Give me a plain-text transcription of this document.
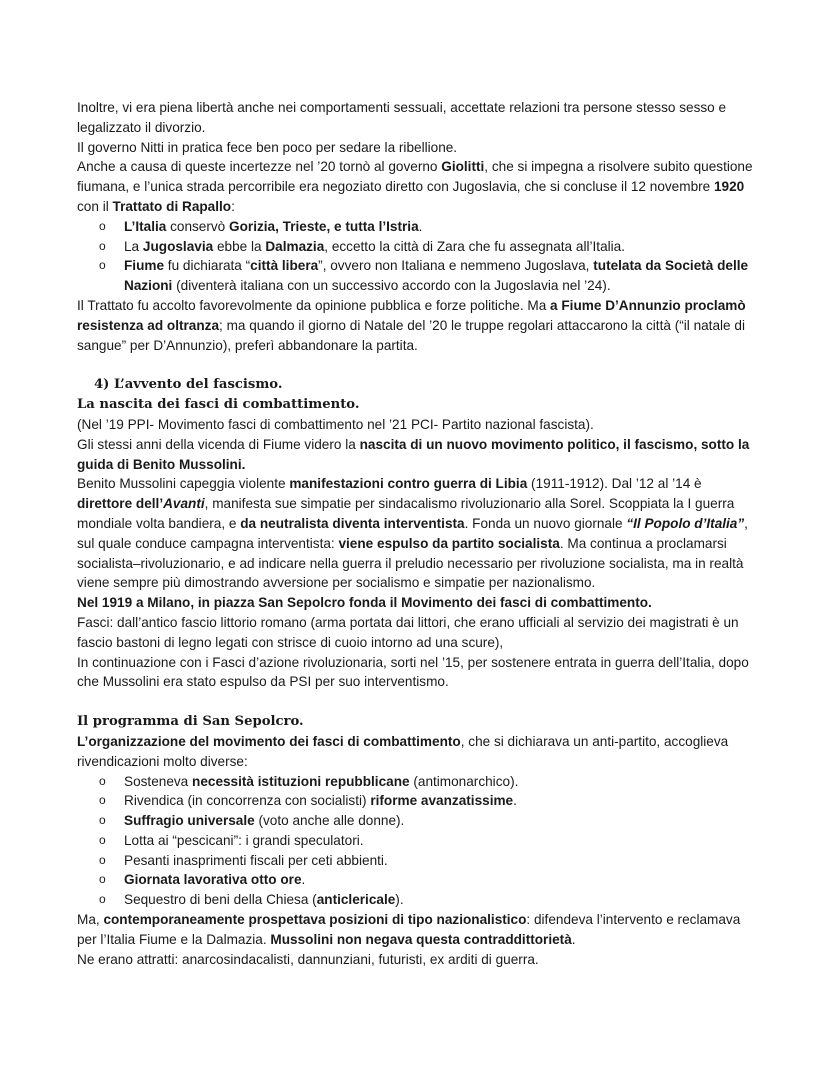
Inoltre, vi era piena libertà anche nei comportamenti sessuali, accettate relazioni tra persone stesso sesso e legalizzato il divorzio.

Il governo Nitti in pratica fece ben poco per sedare la ribellione.

Anche a causa di queste incertezze nel ’20 tornò al governo Giolitti, che si impegna a risolvere subito questione fiumana, e l’unica strada percorribile era negoziato diretto con Jugoslavia, che si concluse il 12 novembre 1920 con il Trattato di Rapallo:

o L’Italia conservò Gorizia, Trieste, e tutta l’Istria.
o La Jugoslavia ebbe la Dalmazia, eccetto la città di Zara che fu assegnata all’Italia.
o Fiume fu dichiarata “città libera”, ovvero non Italiana e nemmeno Jugoslava, tutelata da Società delle Nazioni (diventerà italiana con un successivo accordo con la Jugoslavia nel ’24).

Il Trattato fu accolto favorevolmente da opinione pubblica e forze politiche. Ma a Fiume D’Annunzio proclamò resistenza ad oltranza; ma quando il giorno di Natale del ’20 le truppe regolari attaccarono la città (“il natale di sangue” per D’Annunzio), preferì abbandonare la partita.

4) L’avvento del fascismo.
La nascita dei fasci di combattimento.

(Nel ’19 PPI- Movimento fasci di combattimento nel ’21 PCI- Partito nazional fascista).

Gli stessi anni della vicenda di Fiume videro la nascita di un nuovo movimento politico, il fascismo, sotto la guida di Benito Mussolini.

Benito Mussolini capeggia violente manifestazioni contro guerra di Libia (1911-1912). Dal ’12 al ’14 è direttore dell’Avanti, manifesta sue simpatie per sindacalismo rivoluzionario alla Sorel. Scoppiata la I guerra mondiale volta bandiera, e da neutralista diventa interventista. Fonda un nuovo giornale “Il Popolo d’Italia”, sul quale conduce campagna interventista: viene espulso da partito socialista. Ma continua a proclamarsi socialista–rivoluzionario, e ad indicare nella guerra il preludio necessario per rivoluzione socialista, ma in realtà viene sempre più dimostrando avversione per socialismo e simpatie per nazionalismo.

Nel 1919 a Milano, in piazza San Sepolcro fonda il Movimento dei fasci di combattimento.

Fasci: dall’antico fascio littorio romano (arma portata dai littori, che erano ufficiali al servizio dei magistrati è un fascio bastoni di legno legati con strisce di cuoio intorno ad una scure),

In continuazione con i Fasci d’azione rivoluzionaria, sorti nel ’15, per sostenere entrata in guerra dell’Italia, dopo che Mussolini era stato espulso da PSI per suo interventismo.

Il programma di San Sepolcro.

L’organizzazione del movimento dei fasci di combattimento, che si dichiarava un anti-partito, accoglieva rivendicazioni molto diverse:

o Sosteneva necessità istituzioni repubblicane (antimonarchico).
o Rivendica (in concorrenza con socialisti) riforme avanzatissime.
o Suffragio universale (voto anche alle donne).
o Lotta ai “pescicani”: i grandi speculatori.
o Pesanti inasprimenti fiscali per ceti abbienti.
o Giornata lavorativa otto ore.
o Sequestro di beni della Chiesa (anticlericale).

Ma, contemporaneamente prospettava posizioni di tipo nazionalistico: difendeva l’intervento e reclamava per l’Italia Fiume e la Dalmazia. Mussolini non negava questa contraddittorietà.

Ne erano attratti: anarcosindacalisti, dannunziani, futuristi, ex arditi di guerra.
